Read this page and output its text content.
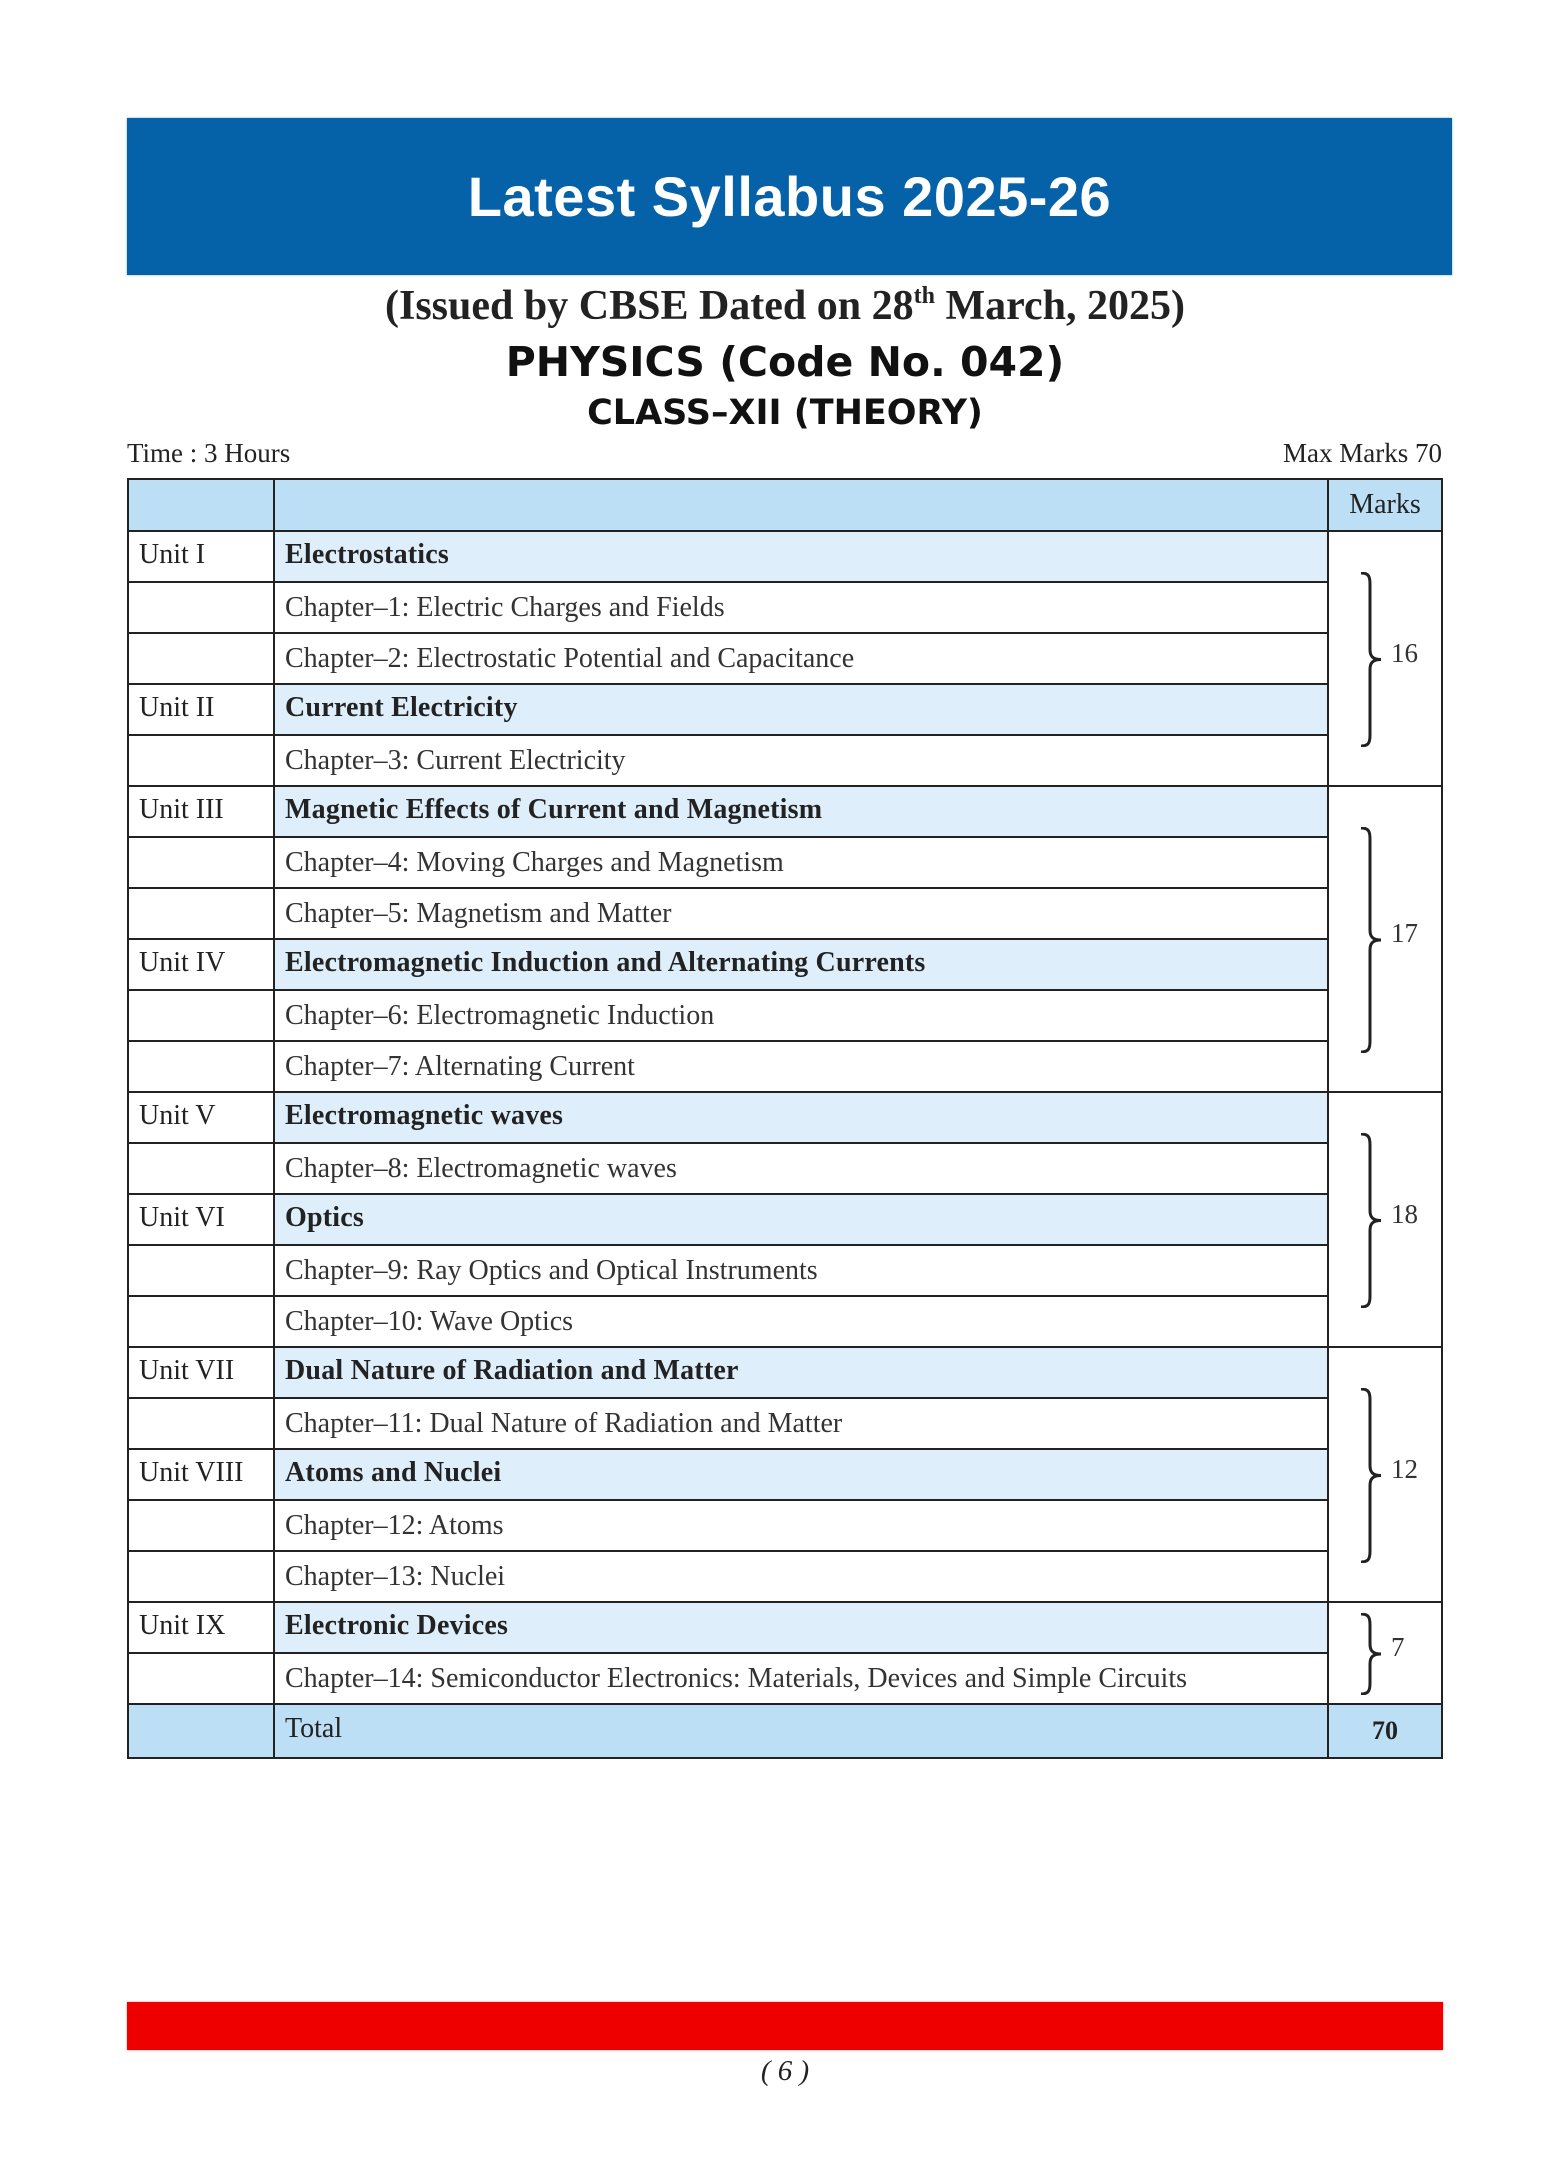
Latest Syllabus 2025-26
(Issued by CBSE Dated on 28th March, 2025)
PHYSICS (Code No. 042)
CLASS–XII (THEORY)
Time : 3 Hours	Max Marks 70
		Marks
Unit I	Electrostatics	16

	Chapter–1: Electric Charges and Fields	
	Chapter–2: Electrostatic Potential and Capacitance	
Unit II	Current Electricity	
	Chapter–3: Current Electricity	
Unit III	Magnetic Effects of Current and Magnetism	17

	Chapter–4: Moving Charges and Magnetism	
	Chapter–5: Magnetism and Matter	
Unit IV	Electromagnetic Induction and Alternating Currents	
	Chapter–6: Electromagnetic Induction	
	Chapter–7: Alternating Current	
Unit V	Electromagnetic waves	18

	Chapter–8: Electromagnetic waves	
Unit VI	Optics	
	Chapter–9: Ray Optics and Optical Instruments	
	Chapter–10: Wave Optics	
Unit VII	Dual Nature of Radiation and Matter	12

	Chapter–11: Dual Nature of Radiation and Matter	
Unit VIII	Atoms and Nuclei	
	Chapter–12: Atoms	
	Chapter–13: Nuclei	
Unit IX	Electronic Devices	7

	Chapter–14: Semiconductor Electronics: Materials, Devices and Simple Circuits	
	Total	70
( 6 )
